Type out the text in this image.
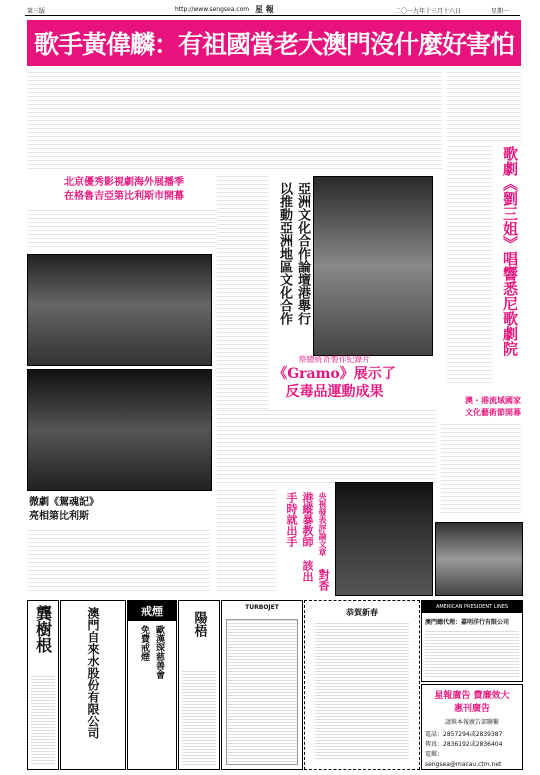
第三版	http://www.sengsea.com 星 報	二〇一九年十三月十六日	星期一
歌手黃偉麟：有祖國當老大澳門沒什麼好害怕
北京優秀影視劇海外展播季
在格魯吉亞第比利斯市開幕
微劇《駕魂記》
亮相第比利斯
亞洲文化合作論壇港舉行 以推動亞洲地區文化合作
蔡總統奇製作紀錄片
《Gramo》展示了
反毒品運動成果
歌劇《劉三姐》唱響悉尼歌劇院
澳・港流域國家
文化藝術節開幕
央視發表評論文章 對香港縱暴教師 該出手時就出手
龔樹根	澳門自來水股份有限公司	戒煙
免費戒煙 歐漢琛慈善會
陽梧
TURBOJET	恭賀新春	AMERICAN PRESIDENT LINES
澳門總代理：嘉明洋行有限公司
星報廣告 費廉效大
惠刊廣告
請與本報廣告部聯繫
電話：2857294或2839387
傳真：2836192或2836404
電郵：sengsea@macau.ctm.net
